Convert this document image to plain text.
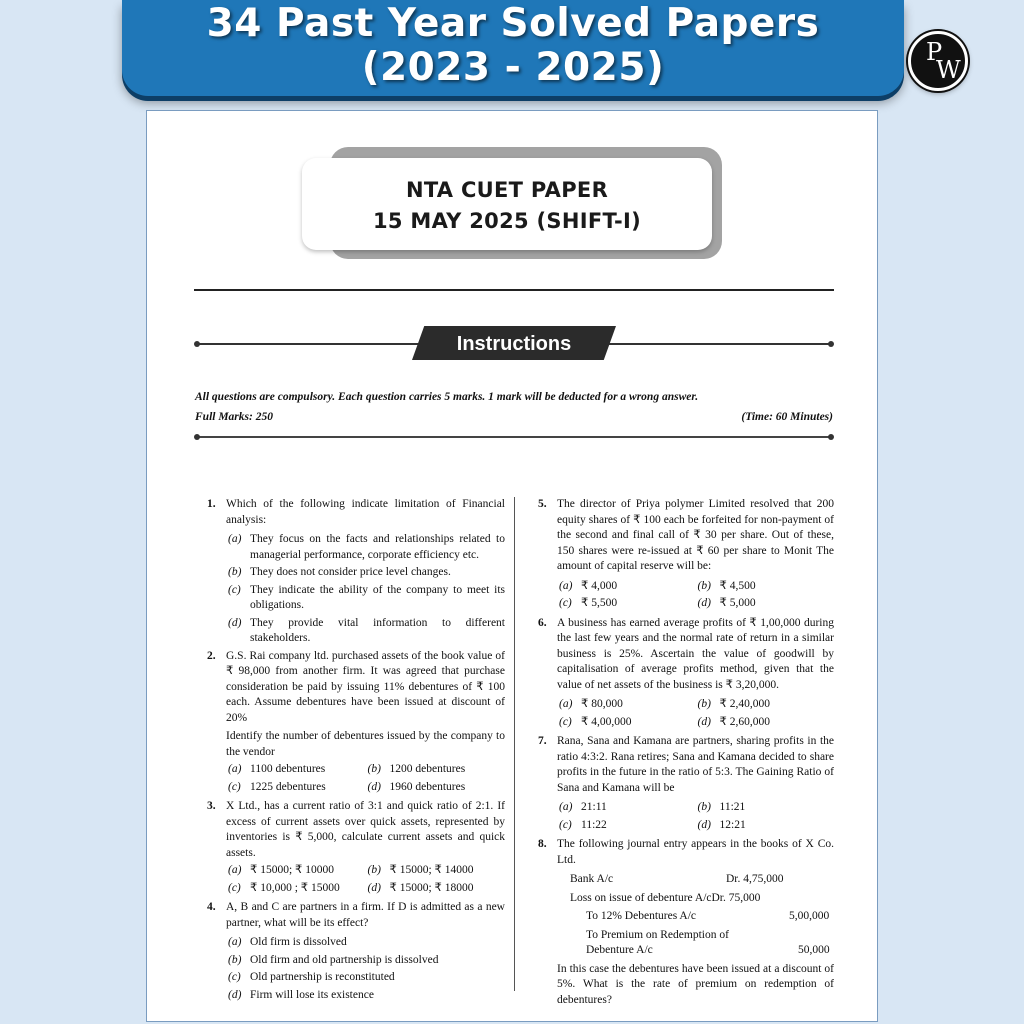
34 Past Year Solved Papers
(2023 - 2025)	P
W
NTA CUET PAPER
15 MAY 2025 (SHIFT-I)
Instructions
All questions are compulsory. Each question carries 5 marks. 1 mark will be deducted for a wrong answer.
Full Marks: 250	(Time: 60 Minutes)
1. Which of the following indicate limitation of Financial analysis:
(a) They focus on the facts and relationships related to managerial performance, corporate efficiency etc.
(b) They does not consider price level changes.
(c) They indicate the ability of the company to meet its obligations.
(d) They provide vital information to different stakeholders.
2. G.S. Rai company ltd. purchased assets of the book value of ₹ 98,000 from another firm. It was agreed that purchase consideration be paid by issuing 11% debentures of ₹ 100 each. Assume debentures have been issued at discount of 20%
Identify the number of debentures issued by the company to the vendor
(a) 1100 debentures	(b) 1200 debentures
(c) 1225 debentures	(d) 1960 debentures
3. X Ltd., has a current ratio of 3:1 and quick ratio of 2:1. If excess of current assets over quick assets, represented by inventories is ₹ 5,000, calculate current assets and quick assets.
(a) ₹ 15000; ₹ 10000	(b) ₹ 15000; ₹ 14000
(c) ₹ 10,000 ; ₹ 15000	(d) ₹ 15000; ₹ 18000
4. A, B and C are partners in a firm. If D is admitted as a new partner, what will be its effect?
(a) Old firm is dissolved
(b) Old firm and old partnership is dissolved
(c) Old partnership is reconstituted
(d) Firm will lose its existence
5. The director of Priya polymer Limited resolved that 200 equity shares of ₹ 100 each be forfeited for non-payment of the second and final call of ₹ 30 per share. Out of these, 150 shares were re-issued at ₹ 60 per share to Monit The amount of capital reserve will be:
(a) ₹ 4,000	(b) ₹ 4,500
(c) ₹ 5,500	(d) ₹ 5,000
6. A business has earned average profits of ₹ 1,00,000 during the last few years and the normal rate of return in a similar business is 25%. Ascertain the value of goodwill by capitalisation of average profits method, given that the value of net assets of the business is ₹ 3,20,000.
(a) ₹ 80,000	(b) ₹ 2,40,000
(c) ₹ 4,00,000	(d) ₹ 2,60,000
7. Rana, Sana and Kamana are partners, sharing profits in the ratio 4:3:2. Rana retires; Sana and Kamana decided to share profits in the future in the ratio of 5:3. The Gaining Ratio of Sana and Kamana will be
(a) 21:11	(b) 11:21
(c) 11:22	(d) 12:21
8. The following journal entry appears in the books of X Co. Ltd.
Bank A/c	Dr. 4,75,000
Loss on issue of debenture A/c Dr. 75,000
To 12% Debentures A/c	5,00,000
To Premium on Redemption of
Debenture A/c	50,000
In this case the debentures have been issued at a discount of 5%. What is the rate of premium on redemption of debentures?
